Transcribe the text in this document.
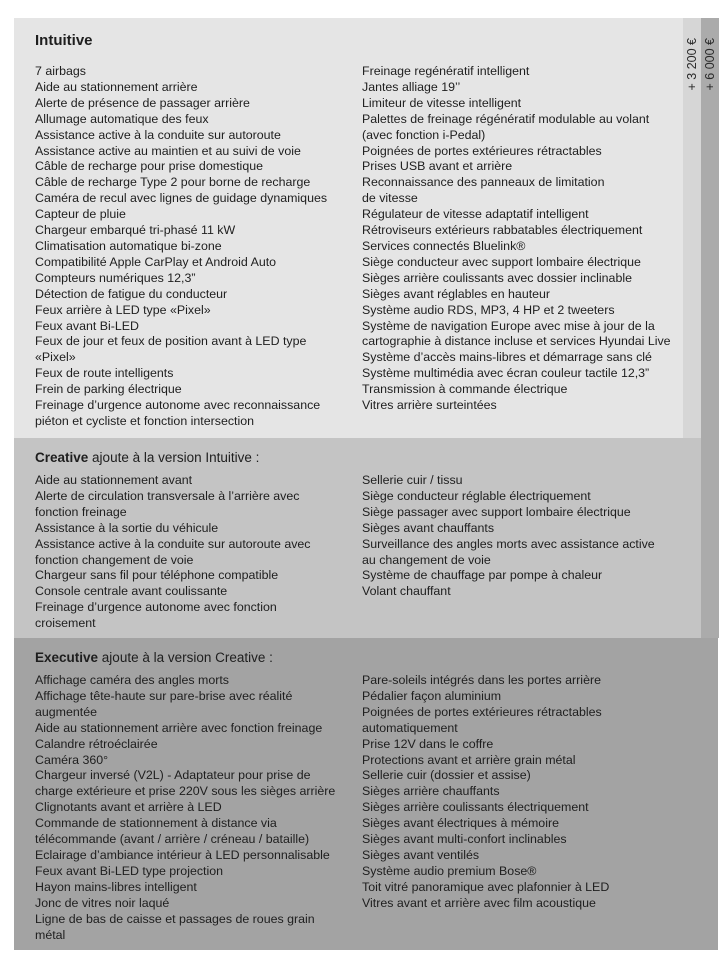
+ 3 200 € + 6 000 €
Intuitive
7 airbags
Aide au stationnement arrière
Alerte de présence de passager arrière
Allumage automatique des feux
Assistance active à la conduite sur autoroute
Assistance active au maintien et au suivi de voie
Câble de recharge pour prise domestique
Câble de recharge Type 2 pour borne de recharge
Caméra de recul avec lignes de guidage dynamiques
Capteur de pluie
Chargeur embarqué tri-phasé 11 kW
Climatisation automatique bi-zone
Compatibilité Apple CarPlay et Android Auto
Compteurs numériques 12,3”
Détection de fatigue du conducteur
Feux arrière à LED type «Pixel»
Feux avant Bi-LED
Feux de jour et feux de position avant à LED type
«Pixel»
Feux de route intelligents
Frein de parking électrique
Freinage d’urgence autonome avec reconnaissance
piéton et cycliste et fonction intersection
Freinage regénératif intelligent
Jantes alliage 19’’
Limiteur de vitesse intelligent
Palettes de freinage régénératif modulable au volant
(avec fonction i-Pedal)
Poignées de portes extérieures rétractables
Prises USB avant et arrière
Reconnaissance des panneaux de limitation
de vitesse
Régulateur de vitesse adaptatif intelligent
Rétroviseurs extérieurs rabbatables électriquement
Services connectés Bluelink®
Siège conducteur avec support lombaire électrique
Sièges arrière coulissants avec dossier inclinable
Sièges avant réglables en hauteur
Système audio RDS, MP3, 4 HP et 2 tweeters
Système de navigation Europe avec mise à jour de la
cartographie à distance incluse et services Hyundai Live
Système d’accès mains-libres et démarrage sans clé
Système multimédia avec écran couleur tactile 12,3”
Transmission à commande électrique
Vitres arrière surteintées
Creative ajoute à la version Intuitive :
Aide au stationnement avant
Alerte de circulation transversale à l’arrière avec
fonction freinage
Assistance à la sortie du véhicule
Assistance active à la conduite sur autoroute avec
fonction changement de voie
Chargeur sans fil pour téléphone compatible
Console centrale avant coulissante
Freinage d’urgence autonome avec fonction
croisement
Sellerie cuir / tissu
Siège conducteur réglable électriquement
Siège passager avec support lombaire électrique
Sièges avant chauffants
Surveillance des angles morts avec assistance active
au changement de voie
Système de chauffage par pompe à chaleur
Volant chauffant
Executive ajoute à la version Creative :
Affichage caméra des angles morts
Affichage tête-haute sur pare-brise avec réalité
augmentée
Aide au stationnement arrière avec fonction freinage
Calandre rétroéclairée
Caméra 360°
Chargeur inversé (V2L) - Adaptateur pour prise de
charge extérieure et prise 220V sous les sièges arrière
Clignotants avant et arrière à LED
Commande de stationnement à distance via
télécommande (avant / arrière / créneau / bataille)
Eclairage d’ambiance intérieur à LED personnalisable
Feux avant Bi-LED type projection
Hayon mains-libres intelligent
Jonc de vitres noir laqué
Ligne de bas de caisse et passages de roues grain
métal
Pare-soleils intégrés dans les portes arrière
Pédalier façon aluminium
Poignées de portes extérieures rétractables
automatiquement
Prise 12V dans le coffre
Protections avant et arrière grain métal
Sellerie cuir (dossier et assise)
Sièges arrière chauffants
Sièges arrière coulissants électriquement
Sièges avant électriques à mémoire
Sièges avant multi-confort inclinables
Sièges avant ventilés
Système audio premium Bose®
Toit vitré panoramique avec plafonnier à LED
Vitres avant et arrière avec film acoustique
